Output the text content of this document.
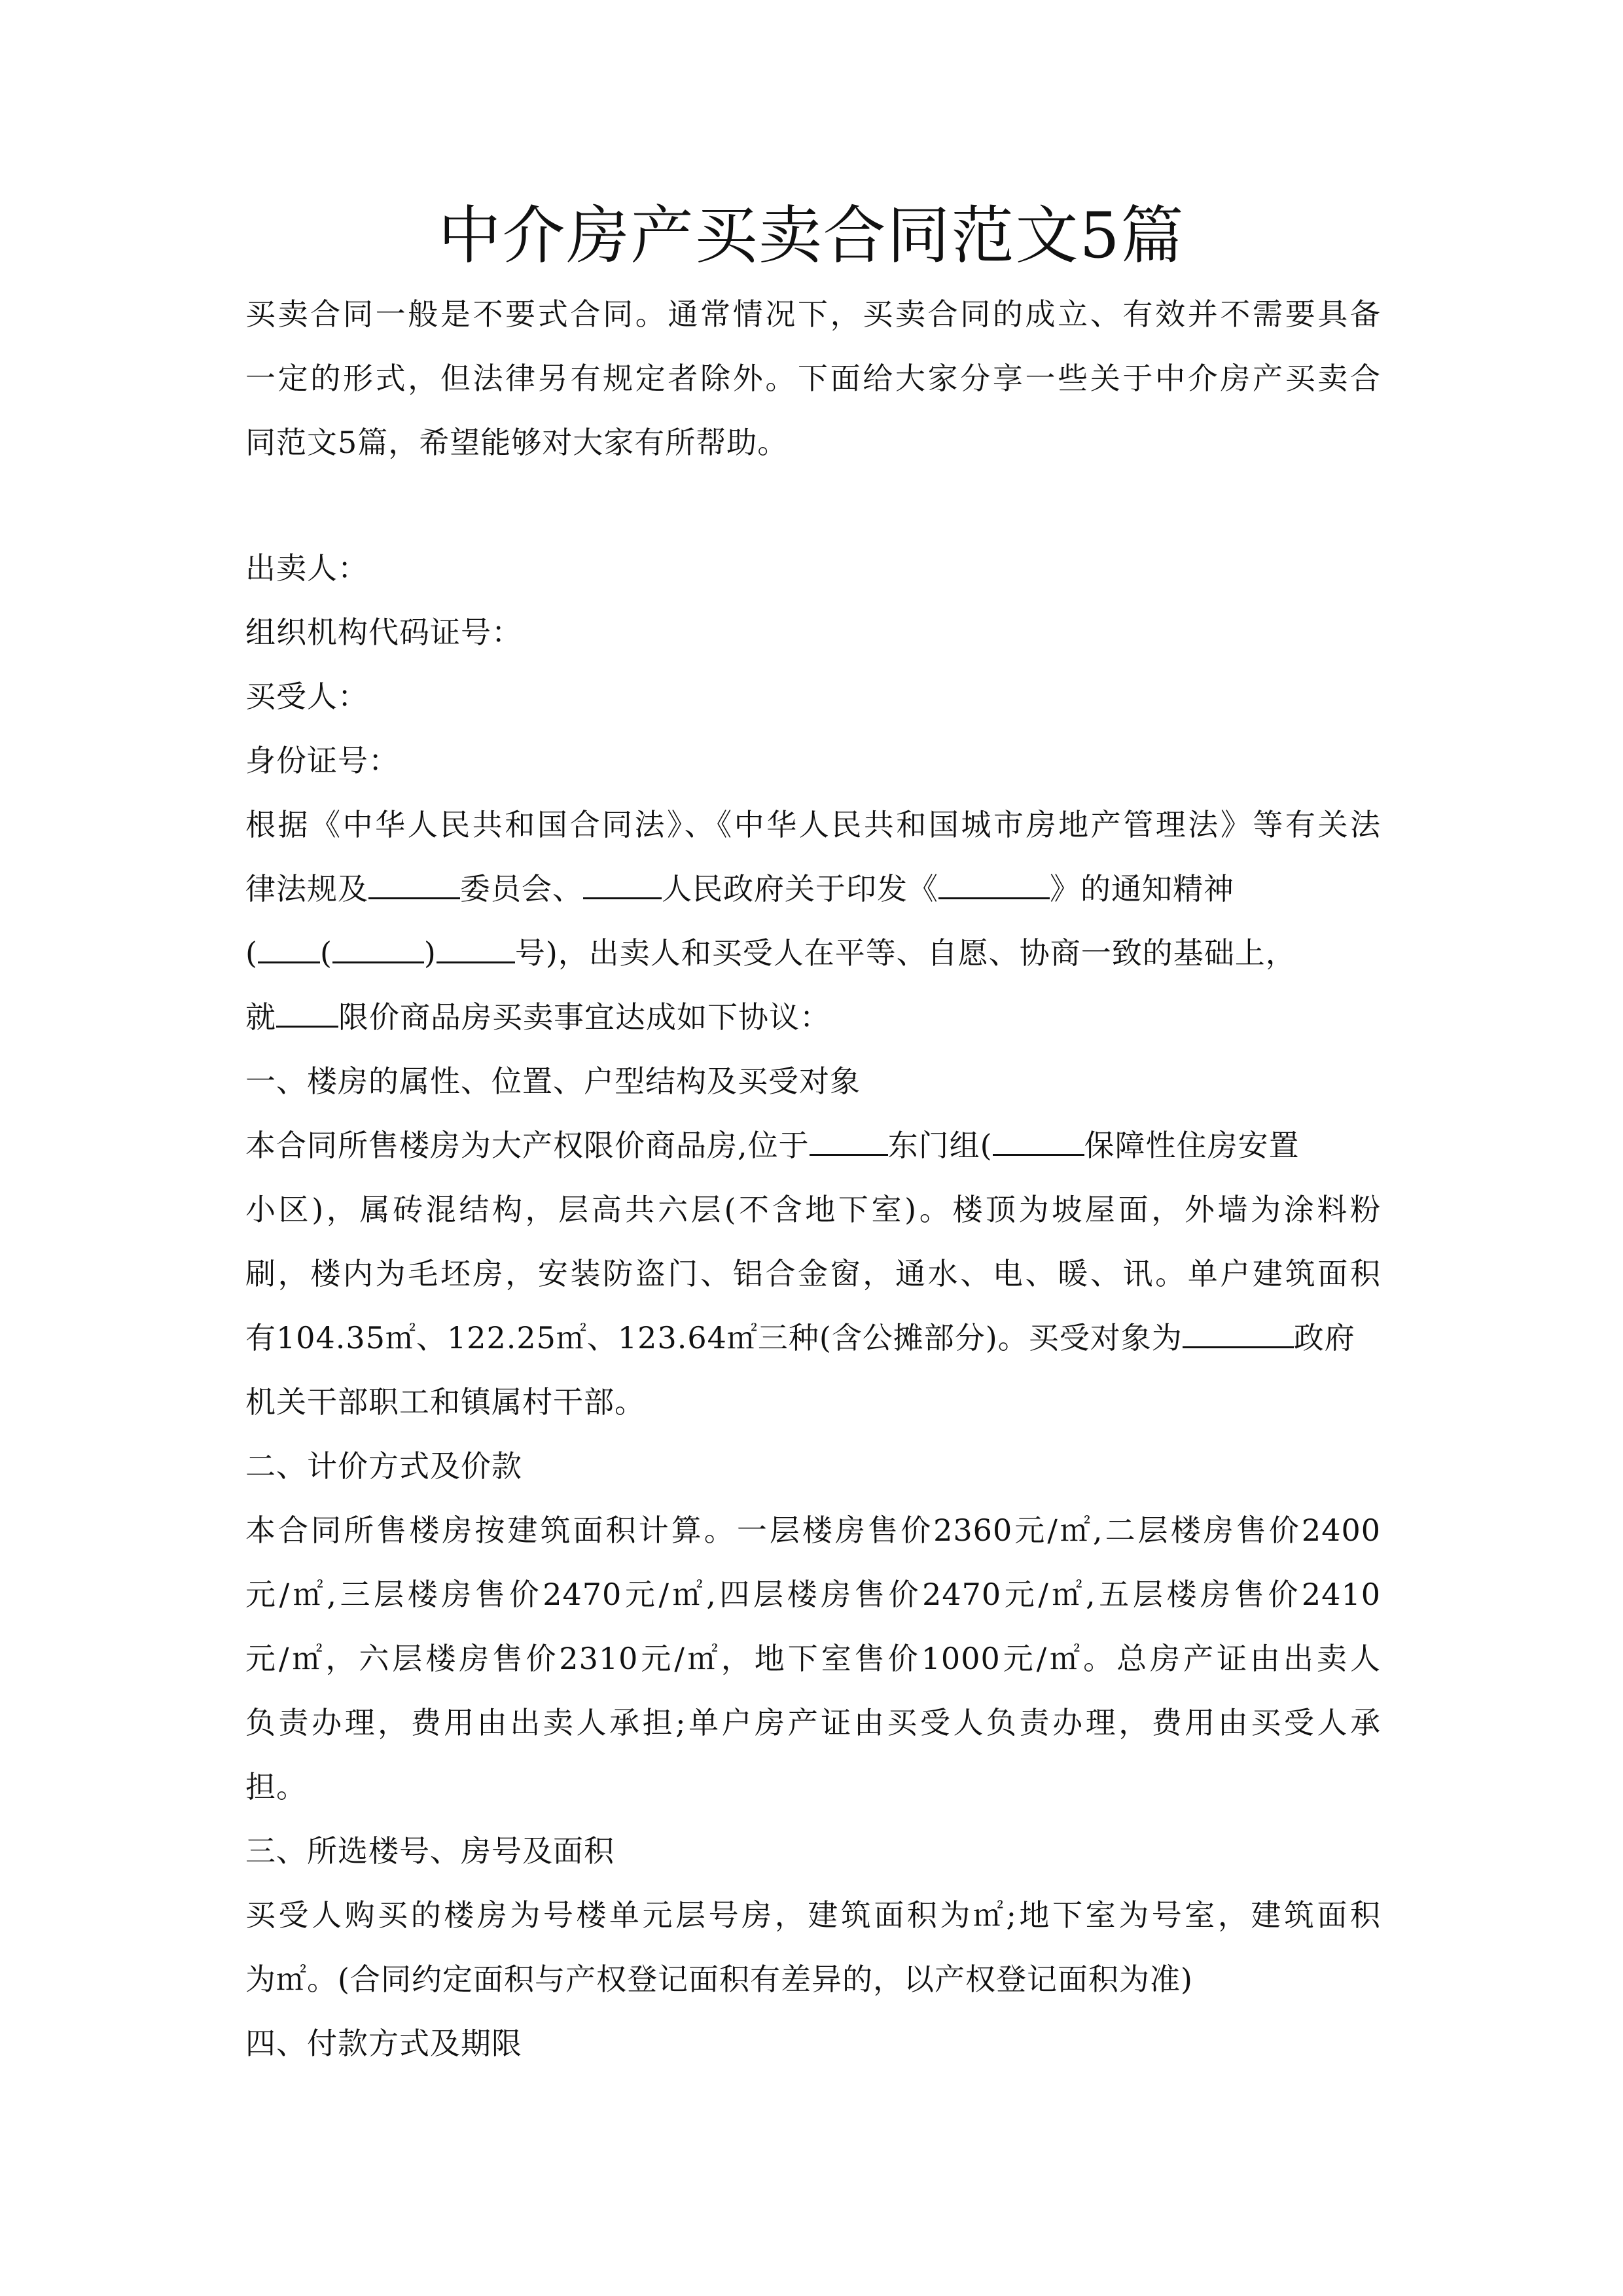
中介房产买卖合同范文5篇
买卖合同一般是不要式合同。通常情况下，买卖合同的成立、有效并不需要具备
一定的形式，但法律另有规定者除外。下面给大家分享一些关于中介房产买卖合
同范文5篇，希望能够对大家有所帮助。
出卖人：
组织机构代码证号：
买受人：
身份证号：
根据《中华人民共和国合同法》、《中华人民共和国城市房地产管理法》等有关法
律法规及	委员会、	人民政府关于印发《	》的通知精神
( (	)	号)，出卖人和买受人在平等、自愿、协商一致的基础上，
就 限价商品房买卖事宜达成如下协议：
一、楼房的属性、位置、户型结构及买受对象
本合同所售楼房为大产权限价商品房,位于	东门组(	保障性住房安置
小区)，属砖混结构，层高共六层(不含地下室)。楼顶为坡屋面，外墙为涂料粉
刷，楼内为毛坯房，安装防盗门、铝合金窗，通水、电、暖、讯。单户建筑面积
有104.35㎡、122.25㎡、123.64㎡三种(含公摊部分)。买受对象为	政府
机关干部职工和镇属村干部。
二、计价方式及价款
本合同所售楼房按建筑面积计算。一层楼房售价2360元/㎡,二层楼房售价2400
元/㎡,三层楼房售价2470元/㎡,四层楼房售价2470元/㎡,五层楼房售价2410
元/㎡，六层楼房售价2310元/㎡，地下室售价1000元/㎡。总房产证由出卖人
负责办理，费用由出卖人承担;单户房产证由买受人负责办理，费用由买受人承
担。
三、所选楼号、房号及面积
买受人购买的楼房为号楼单元层号房，建筑面积为㎡;地下室为号室，建筑面积
为㎡。(合同约定面积与产权登记面积有差异的，以产权登记面积为准)
四、付款方式及期限
